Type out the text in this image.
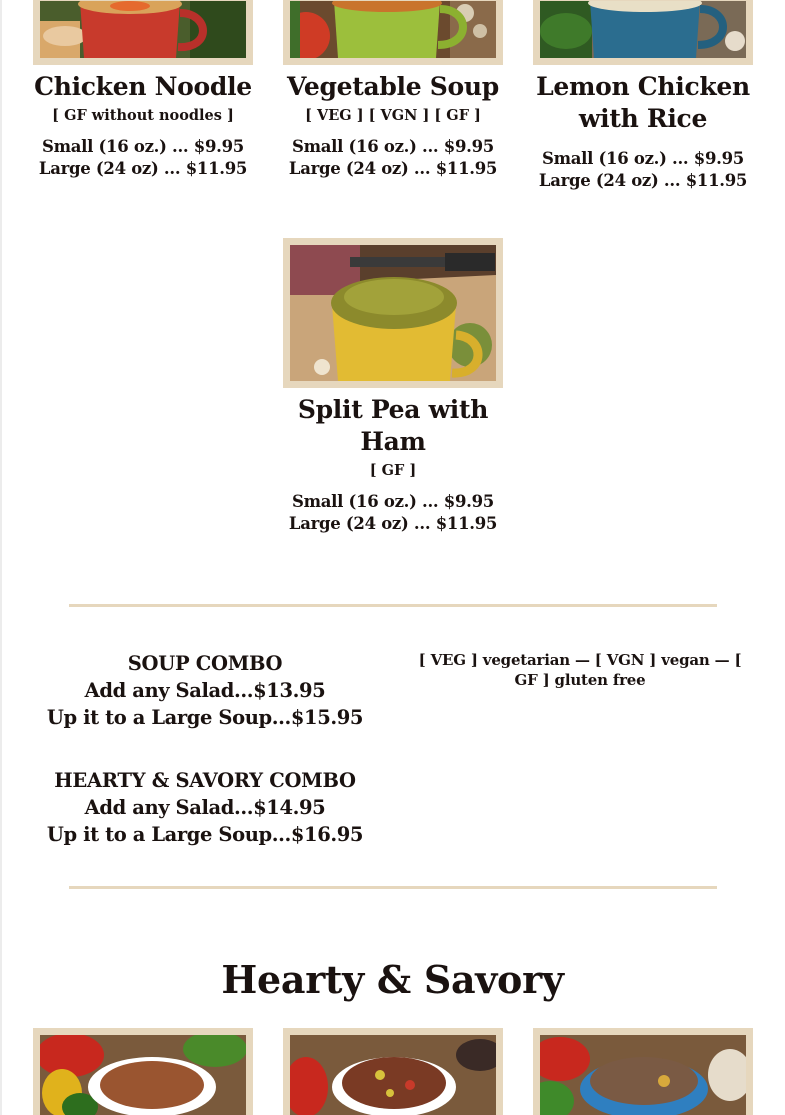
Chicken Noodle
[ GF without noodles ]
Small (16 oz.) ... $9.95
Large (24 oz) ... $11.95
Vegetable Soup
[ VEG ] [ VGN ] [ GF ]
Small (16 oz.) ... $9.95
Large (24 oz) ... $11.95
Lemon Chicken with Rice
Small (16 oz.) ... $9.95
Large (24 oz) ... $11.95
Split Pea with Ham
[ GF ]
Small (16 oz.) ... $9.95
Large (24 oz) ... $11.95
SOUP COMBO
Add any Salad...$13.95
Up it to a Large Soup...$15.95
HEARTY & SAVORY COMBO
Add any Salad...$14.95
Up it to a Large Soup...$16.95
[ VEG ] vegetarian — [ VGN ] vegan — [ GF ] gluten free
Hearty & Savory
